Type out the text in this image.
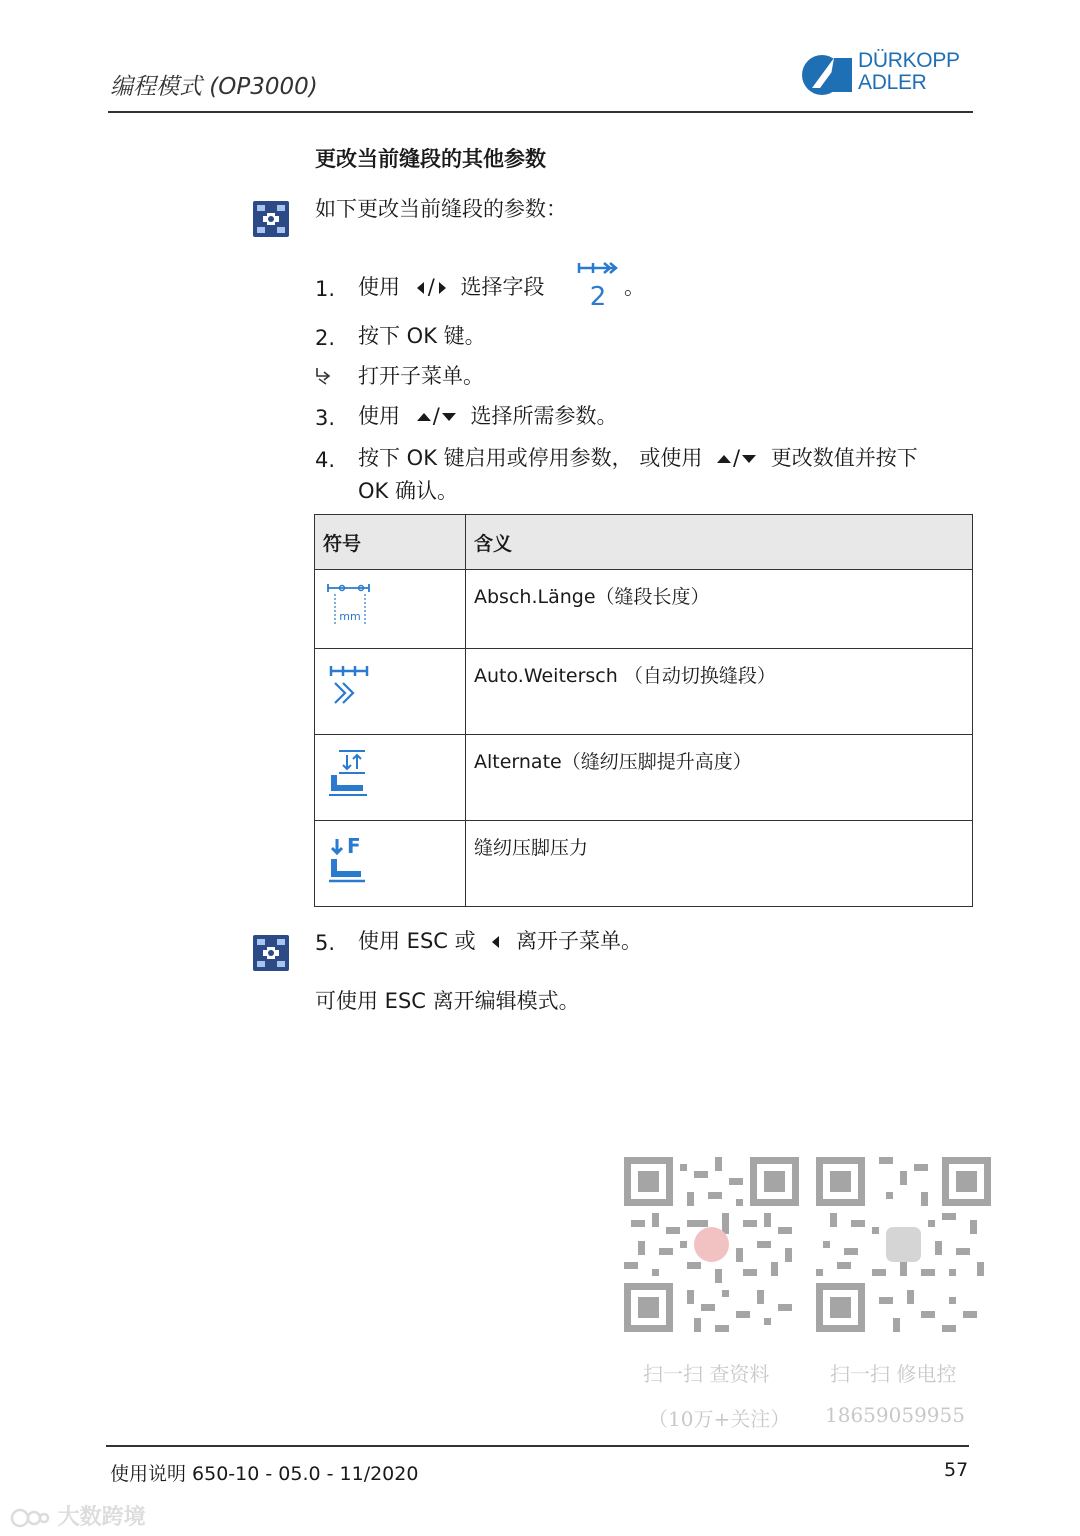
编程模式 (OP3000)
DÜRKOPP
ADLER
更改当前缝段的其他参数
如下更改当前缝段的参数：
1. 使用 / 选择字段 2 。
2. 按下 OK 键。
打开子菜单。
3. 使用 / 选择所需参数。
4. 按下 OK 键启用或停用参数， 或使用 / 更改数值并按下
OK 确认。
符号	含义

mm	Absch.Länge（缝段长度）
	Auto.Weitersch （自动切换缝段）
	Alternate（缝纫压脚提升高度）

F	缝纫压脚压力
5. 使用 ESC 或 离开子菜单。
可使用 ESC 离开编辑模式。
扫一扫 查资料
（10万+关注）
扫一扫 修电控
18659059955
使用说明 650-10 - 05.0 - 11/2020	57
大数跨境
